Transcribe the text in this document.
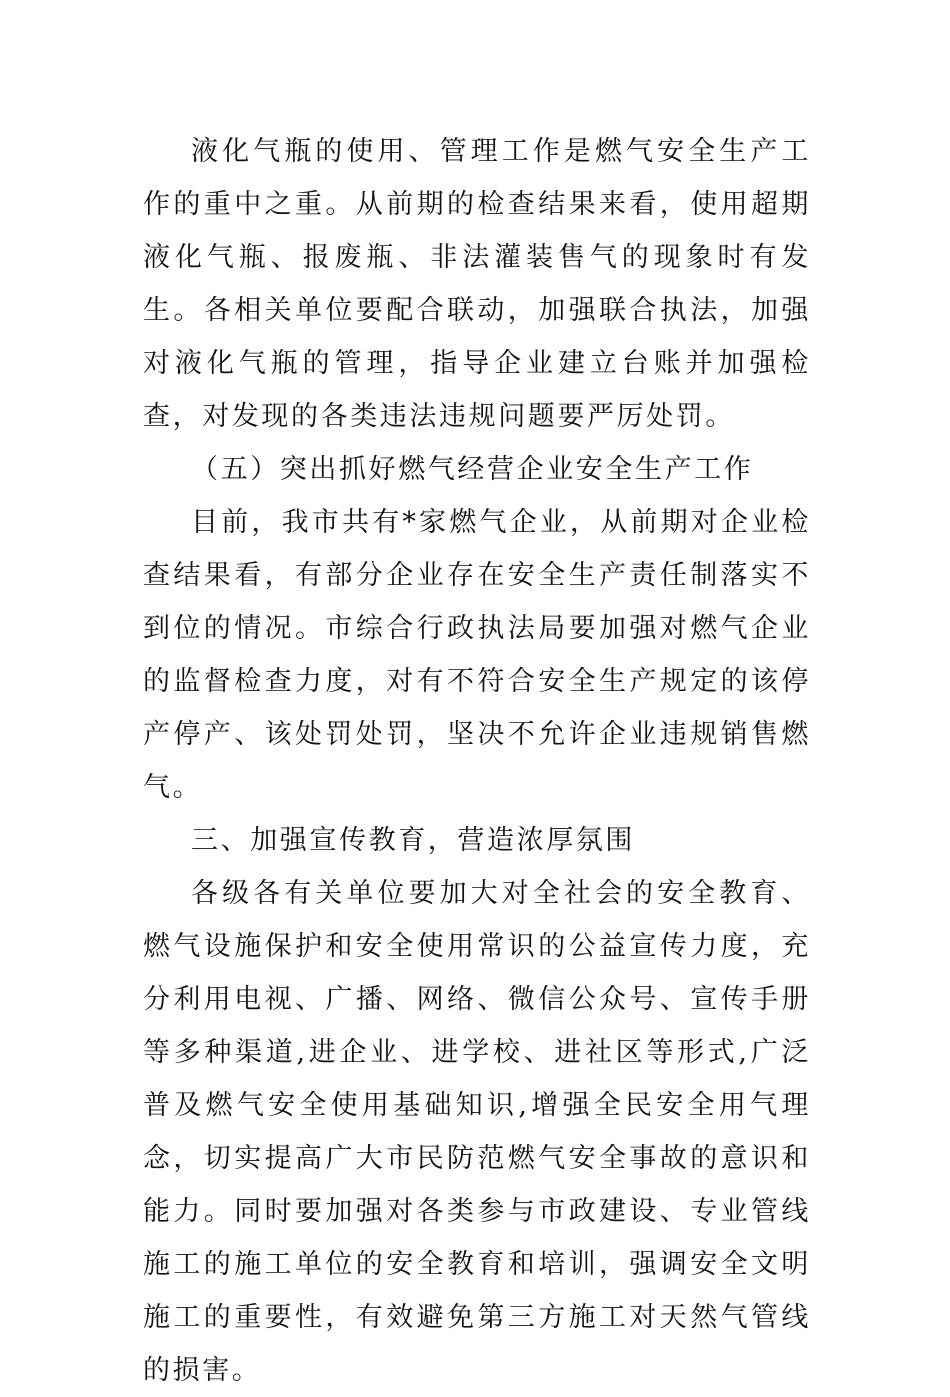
液化气瓶的使用、管理工作是燃气安全生产工作的重中之重。从前期的检查结果来看，使用超期液化气瓶、报废瓶、非法灌装售气的现象时有发生。各相关单位要配合联动，加强联合执法，加强对液化气瓶的管理，指导企业建立台账并加强检查，对发现的各类违法违规问题要严厉处罚。

（五）突出抓好燃气经营企业安全生产工作

目前，我市共有*家燃气企业，从前期对企业检查结果看，有部分企业存在安全生产责任制落实不到位的情况。市综合行政执法局要加强对燃气企业的监督检查力度，对有不符合安全生产规定的该停产停产、该处罚处罚，坚决不允许企业违规销售燃气。

三、加强宣传教育，营造浓厚氛围

各级各有关单位要加大对全社会的安全教育、燃气设施保护和安全使用常识的公益宣传力度，充分利用电视、广播、网络、微信公众号、宣传手册等多种渠道,进企业、进学校、进社区等形式,广泛普及燃气安全使用基础知识,增强全民安全用气理念，切实提高广大市民防范燃气安全事故的意识和能力。同时要加强对各类参与市政建设、专业管线施工的施工单位的安全教育和培训，强调安全文明施工的重要性，有效避免第三方施工对天然气管线的损害。
